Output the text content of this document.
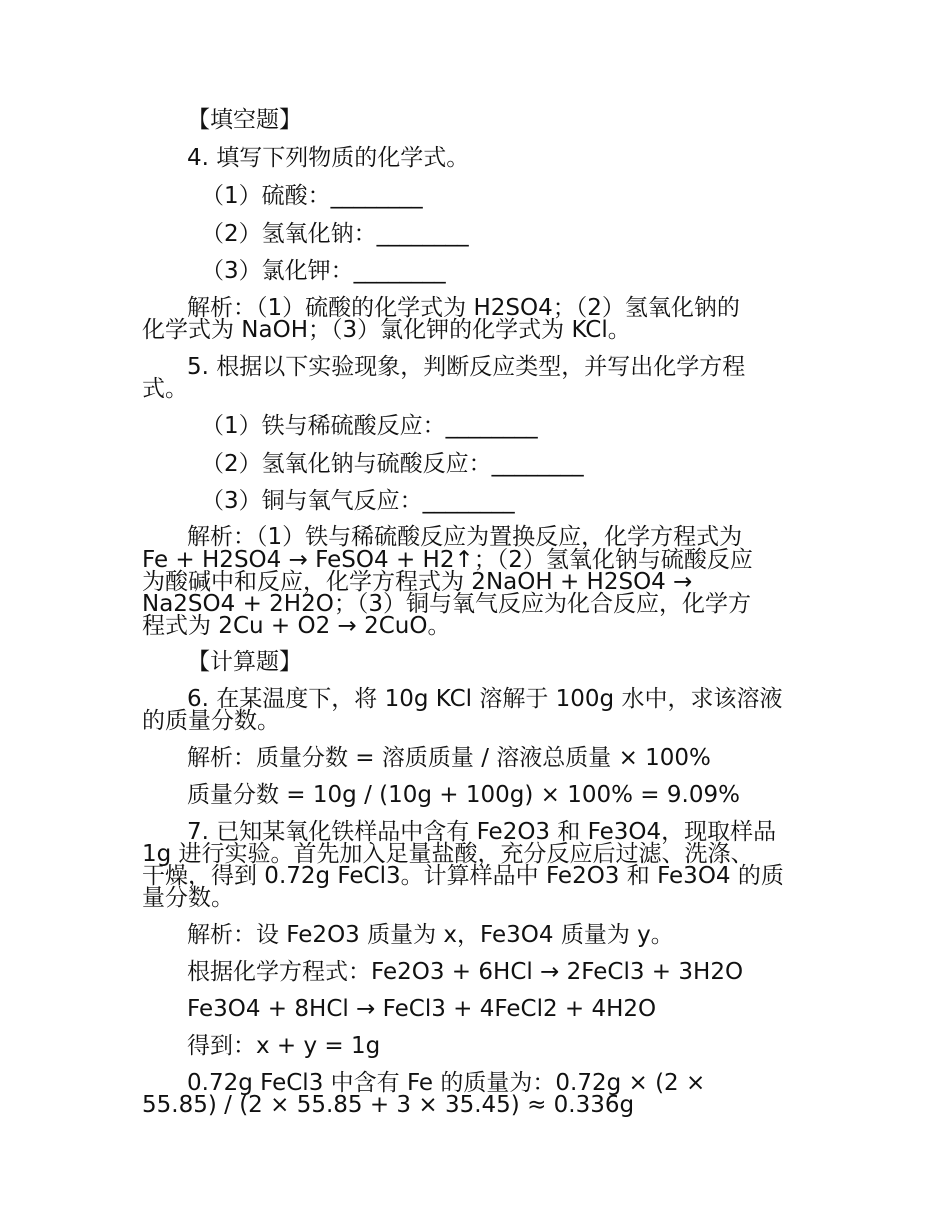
【填空题】
4. 填写下列物质的化学式。
（1）硫酸：________
（2）氢氧化钠：________
（3）氯化钾：________
解析：（1）硫酸的化学式为 H2SO4；（2）氢氧化钠的
化学式为 NaOH；（3）氯化钾的化学式为 KCl。
5. 根据以下实验现象，判断反应类型，并写出化学方程
式。
（1）铁与稀硫酸反应：________
（2）氢氧化钠与硫酸反应：________
（3）铜与氧气反应：________
解析：（1）铁与稀硫酸反应为置换反应，化学方程式为
Fe + H2SO4 → FeSO4 + H2↑；（2）氢氧化钠与硫酸反应
为酸碱中和反应，化学方程式为 2NaOH + H2SO4 →
Na2SO4 + 2H2O；（3）铜与氧气反应为化合反应，化学方
程式为 2Cu + O2 → 2CuO。
【计算题】
6. 在某温度下，将 10g KCl 溶解于 100g 水中，求该溶液
的质量分数。
解析：质量分数 = 溶质质量 / 溶液总质量 × 100%
质量分数 = 10g / (10g + 100g) × 100% = 9.09%
7. 已知某氧化铁样品中含有 Fe2O3 和 Fe3O4，现取样品
1g 进行实验。首先加入足量盐酸，充分反应后过滤、洗涤、
干燥，得到 0.72g FeCl3。计算样品中 Fe2O3 和 Fe3O4 的质
量分数。
解析：设 Fe2O3 质量为 x，Fe3O4 质量为 y。
根据化学方程式：Fe2O3 + 6HCl → 2FeCl3 + 3H2O
Fe3O4 + 8HCl → FeCl3 + 4FeCl2 + 4H2O
得到：x + y = 1g
0.72g FeCl3 中含有 Fe 的质量为：0.72g × (2 ×
55.85) / (2 × 55.85 + 3 × 35.45) ≈ 0.336g
